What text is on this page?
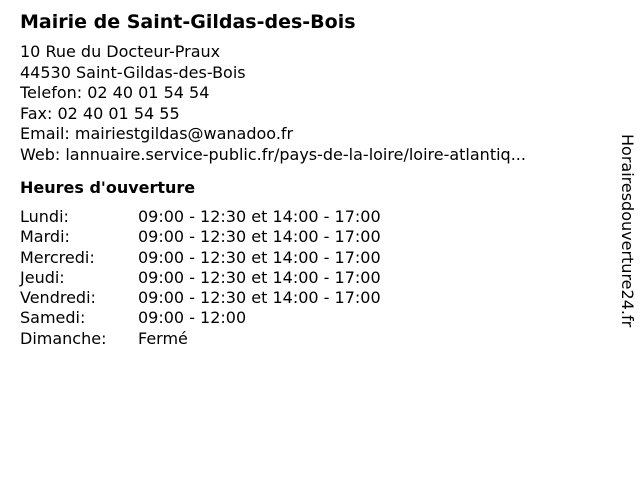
Mairie de Saint-Gildas-des-Bois
10 Rue du Docteur-Praux
44530 Saint-Gildas-des-Bois
Telefon: 02 40 01 54 54
Fax: 02 40 01 54 55
Email: mairiestgildas@wanadoo.fr
Web: lannuaire.service-public.fr/pays-de-la-loire/loire-atlantiq...
Heures d'ouverture
Lundi:	09:00 - 12:30 et 14:00 - 17:00
Mardi:	09:00 - 12:30 et 14:00 - 17:00
Mercredi:	09:00 - 12:30 et 14:00 - 17:00
Jeudi:	09:00 - 12:30 et 14:00 - 17:00
Vendredi:	09:00 - 12:30 et 14:00 - 17:00
Samedi:	09:00 - 12:00
Dimanche:	Fermé
Horairesdouverture24.fr
